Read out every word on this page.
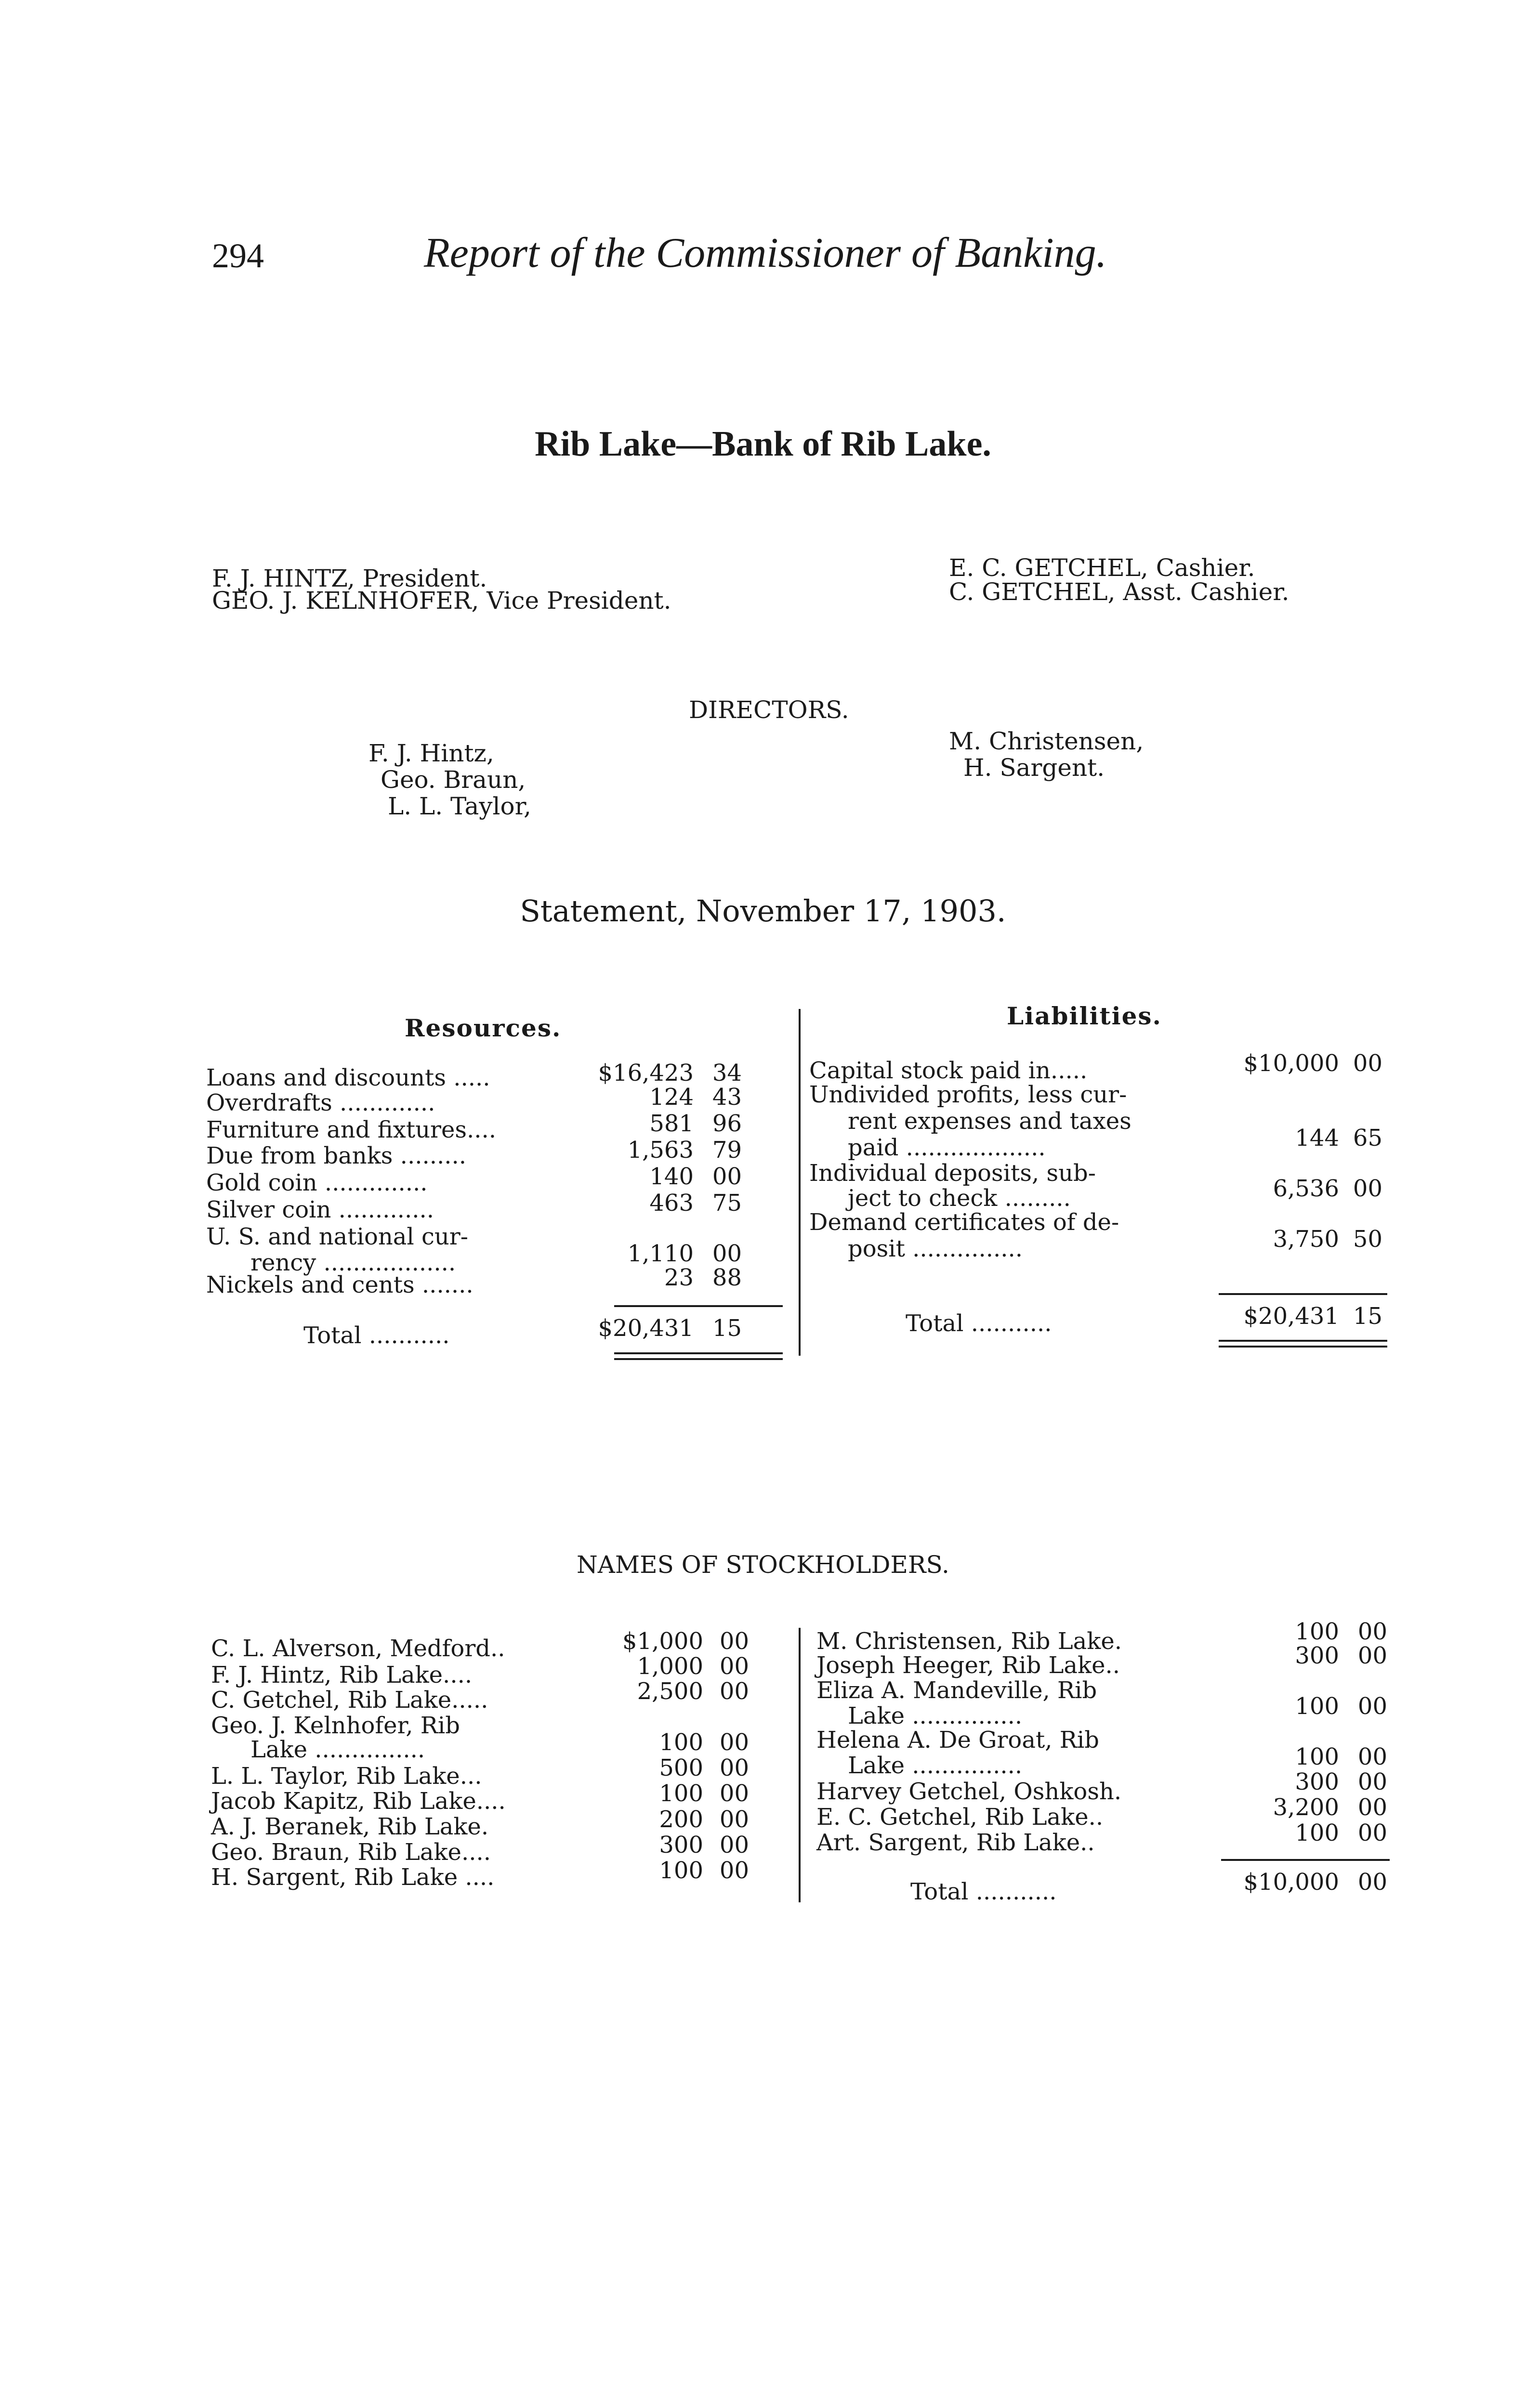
294	Report of the Commissioner of Banking.
Rib Lake—Bank of Rib Lake.
F. J. HINTZ, President.
GEO. J. KELNHOFER, Vice President.
E. C. GETCHEL, Cashier.
C. GETCHEL, Asst. Cashier.
DIRECTORS.
F. J. Hintz,
Geo. Braun,
L. L. Taylor,
M. Christensen,
H. Sargent.
Statement, November 17, 1903.
Resources.	Liabilities.
Loans and discounts .....	$16,423 34
Overdrafts .............	124 43
Furniture and fixtures....	581 96
Due from banks .........	1,563 79
Gold coin ..............	140 00
Silver coin .............	463 75
U. S. and national cur-
rency ..................	1,110 00
Nickels and cents .......	23 88
Total ...........	$20,431 15
Capital stock paid in.....	$10,000 00
Undivided profits, less cur-
rent expenses and taxes
paid ...................	144 65
Individual deposits, sub-
ject to check .........	6,536 00
Demand certificates of de-
posit ...............	3,750 50
Total ...........	$20,431 15
NAMES OF STOCKHOLDERS.
C. L. Alverson, Medford..	$1,000 00
F. J. Hintz, Rib Lake....	1,000 00
C. Getchel, Rib Lake.....	2,500 00
Geo. J. Kelnhofer, Rib
Lake ...............	100 00
L. L. Taylor, Rib Lake...	500 00
Jacob Kapitz, Rib Lake....	100 00
A. J. Beranek, Rib Lake.	200 00
Geo. Braun, Rib Lake....	300 00
H. Sargent, Rib Lake ....	100 00
M. Christensen, Rib Lake.	100 00
Joseph Heeger, Rib Lake..	300 00
Eliza A. Mandeville, Rib
Lake ...............	100 00
Helena A. De Groat, Rib
Lake ...............	100 00
Harvey Getchel, Oshkosh.	300 00
E. C. Getchel, Rib Lake..	3,200 00
Art. Sargent, Rib Lake..	100 00
Total ...........	$10,000 00
